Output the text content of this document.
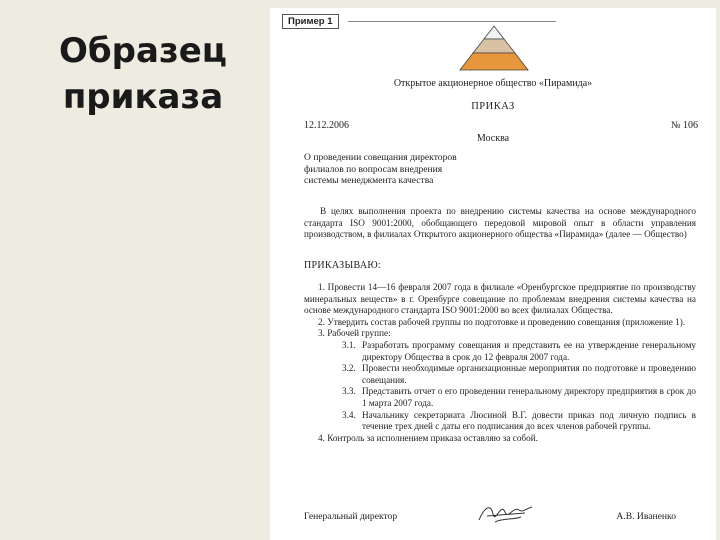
Образец
приказа
Пример 1
Открытое акционерное общество «Пирамида»
ПРИКАЗ
12.12.2006	№ 106
Москва
О проведении совещания директоров
филиалов по вопросам внедрения
системы менеджмента качества
В целях выполнения проекта по внедрению системы качества на основе международного стандарта ISO 9001:2000, обобщающего передовой мировой опыт в области управления производством, в филиалах Открытого акционерного общества «Пирамида» (далее — Общество)
ПРИКАЗЫВАЮ:

1. Провести 14—16 февраля 2007 года в филиале «Оренбургское предприятие по производству минеральных веществ» в г. Оренбурге совещание по проблемам внедрения системы качества на основе международного стандарта ISO 9001:2000 во всех филиалах Общества.

2. Утвердить состав рабочей группы по подготовке и проведению совещания (приложение 1).

3. Рабочей группе:

3.1. Разработать программу совещания и представить ее на утверждение генеральному директору Общества в срок до 12 февраля 2007 года.
3.2. Провести необходимые организационные мероприятия по подготовке и проведению совещания.
3.3. Представить отчет о его проведении генеральному директору предприятия в срок до 1 марта 2007 года.
3.4. Начальнику секретариата Люсиной В.Г. довести приказ под личную подпись в течение трех дней с даты его подписания до всех членов рабочей группы.

4. Контроль за исполнением приказа оставляю за собой.

Генеральный директор	А.В. Иваненко
